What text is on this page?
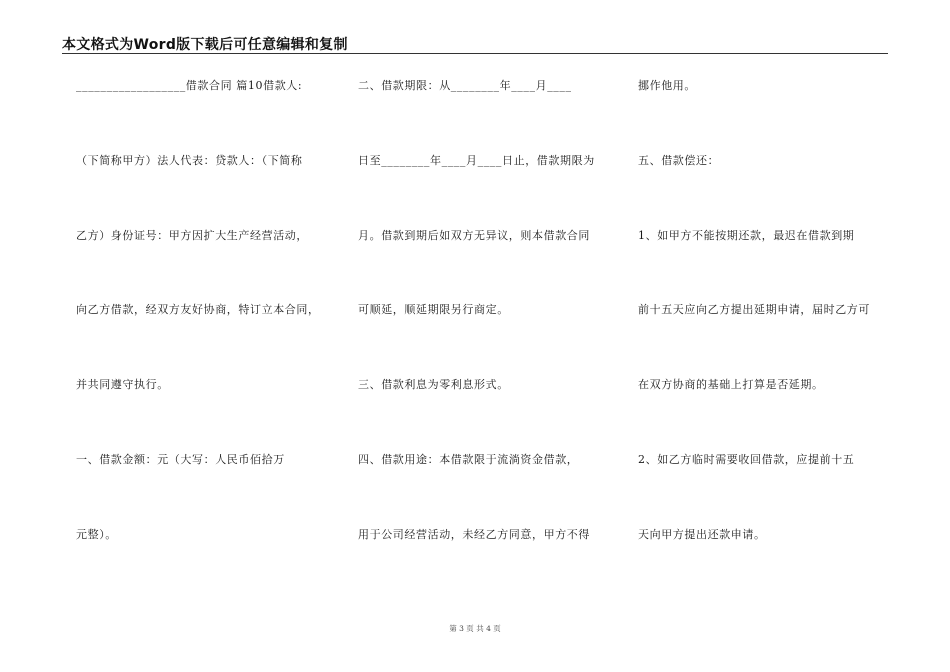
本文格式为Word版下载后可任意编辑和复制
__________________借款合同 篇10借款人:
（下简称甲方）法人代表：贷款人：（下简称
乙方）身份证号：甲方因扩大生产经营活动，
向乙方借款，经双方友好协商，特订立本合同，
并共同遵守执行。
一、借款金额：元（大写：人民币佰拾万
元整）。
二、借款期限：从________年____月____
日至________年____月____日止，借款期限为
月。借款到期后如双方无异议，则本借款合同
可顺延，顺延期限另行商定。
三、借款利息为零利息形式。
四、借款用途：本借款限于流淌资金借款，
用于公司经营活动，未经乙方同意，甲方不得
挪作他用。
五、借款偿还：
1、如甲方不能按期还款，最迟在借款到期
前十五天应向乙方提出延期申请，届时乙方可
在双方协商的基础上打算是否延期。
2、如乙方临时需要收回借款，应提前十五
天向甲方提出还款申请。
第 3 页 共 4 页
